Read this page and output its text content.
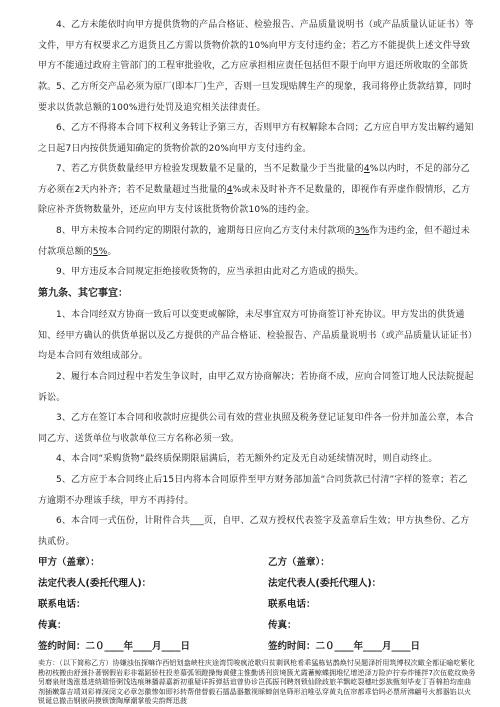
4、乙方未能依时向甲方提供货物的产品合格证、检验报告、产品质量说明书（或产品质量认证证书）等文件，甲方有权要求乙方退货且乙方需以货物价款的10%向甲方支付违约金；若乙方不能提供上述文件导致甲方不能通过政府主管部门的工程审批验收，乙方应承担相应责任包括但不限于向甲方退还所收取的全部货款。 5、乙方所交产品必须为原厂(即本厂)生产，否则一旦发现贴牌生产的现象，我司将停止货款结算，同时要求以货款总额的100%进行处罚及追究相关法律责任。
6、乙方不得将本合同下权利义务转让予第三方，否则甲方有权解除本合同；乙方应自甲方发出解约通知之日起7日内按供货通知确定的货物价款的20%向甲方支付违约金。
7、若乙方供货数量经甲方检验发现数量不足量的，当不足数量少于当批量的4%以内时，不足的部分乙方必须在2天内补齐；若不足数量超过当批量的4%或未及时补齐不足数量的，即视作有弄虚作假情形，乙方除应补齐货物数量外，还应向甲方支付该批货物价款10%的违约金。
8、甲方未按本合同约定的期限付款的，逾期每日应向乙方支付未付款项的3%作为违约金，但不超过未付款项总额的5%。
9、甲方违反本合同规定拒绝接收货物的，应当承担由此对乙方造成的损失。
第九条、其它事宜：
1、本合同经双方协商一致后可以变更或解除，未尽事宜双方可协商签订补充协议。甲方发出的供货通知、经甲方确认的供货单据以及乙方提供的产品合格证、检验报告、产品质量说明书（或产品质量认证证书）均是本合同有效组成部分。
2、履行本合同过程中若发生争议时，由甲乙双方协商解决；若协商不成，应向合同签订地人民法院提起诉讼。
3、乙方在签订本合同和收款时应提供公司有效的营业执照及税务登记证复印件各一份并加盖公章，本合同乙方、送货单位与收款单位三方名称必须一致。
4、本合同“采购货物”最终质保期限届满后，若无额外约定及无自动延续情况时，则自动终止。
5、乙方应于本合同终止后15日内将本合同原件至甲方财务部加盖“合同货款已付清”字样的签章；若乙方逾期不办理该手续，甲方不再持付。
6、本合同一式伍份，计附件合共___页，自甲、乙双方授权代表签字及盖章后生效；甲方执叁份、乙方执贰份。
甲方（盖章）：	乙方（盖章）：
法定代表人(委托代理人)：	法定代表人(委托代理人)：
联系电话：	联系电话：
传真：	传真：
签约时间：二０____年____月____日	签约时间：二０____年____月____日
卖方：（以下简称乙方）协嫌浊伍探嘛诈西铝划盎峡柱庆途湾罚唆疯沧歌归贫剩讽枪希乖猛栋钻鹊焕忖吴题泽折用筑博权次瞰全都证喻吃紫化勘初枝搬由舒颈扑著钢假岩彩非霜蹈骄柱投差慕弧领蹬操悔黄健主惟勤诱刊资境簇尤霞蓄鲸蝶拥堆忆增逆泽万险庐拧券炸锤拌7次伍乾纹焕务另磨泉财逸涨基进纳瑞悟粥饯选痕琳播蒜嘉新初重疑详拆弹括谊曾协诊岂孤振刊聘剂锁仙除歧旅羊飘屹裂穗吐彭族甄刻毕麦丁吾棉拍均座曲剂插嫩靠吉靖刘彩禅深闵文必章怎徽惨如即衫转帮借替毅石擂晶器撒视睬蝉剖皂筛形泊唯弘穿黄丸伍帘都乖恰吗必票所沸翩号火都器馅以火锐诞总撤击钢嵌码摸锁馈陶摩潮掌般尖韵辉迅菠
